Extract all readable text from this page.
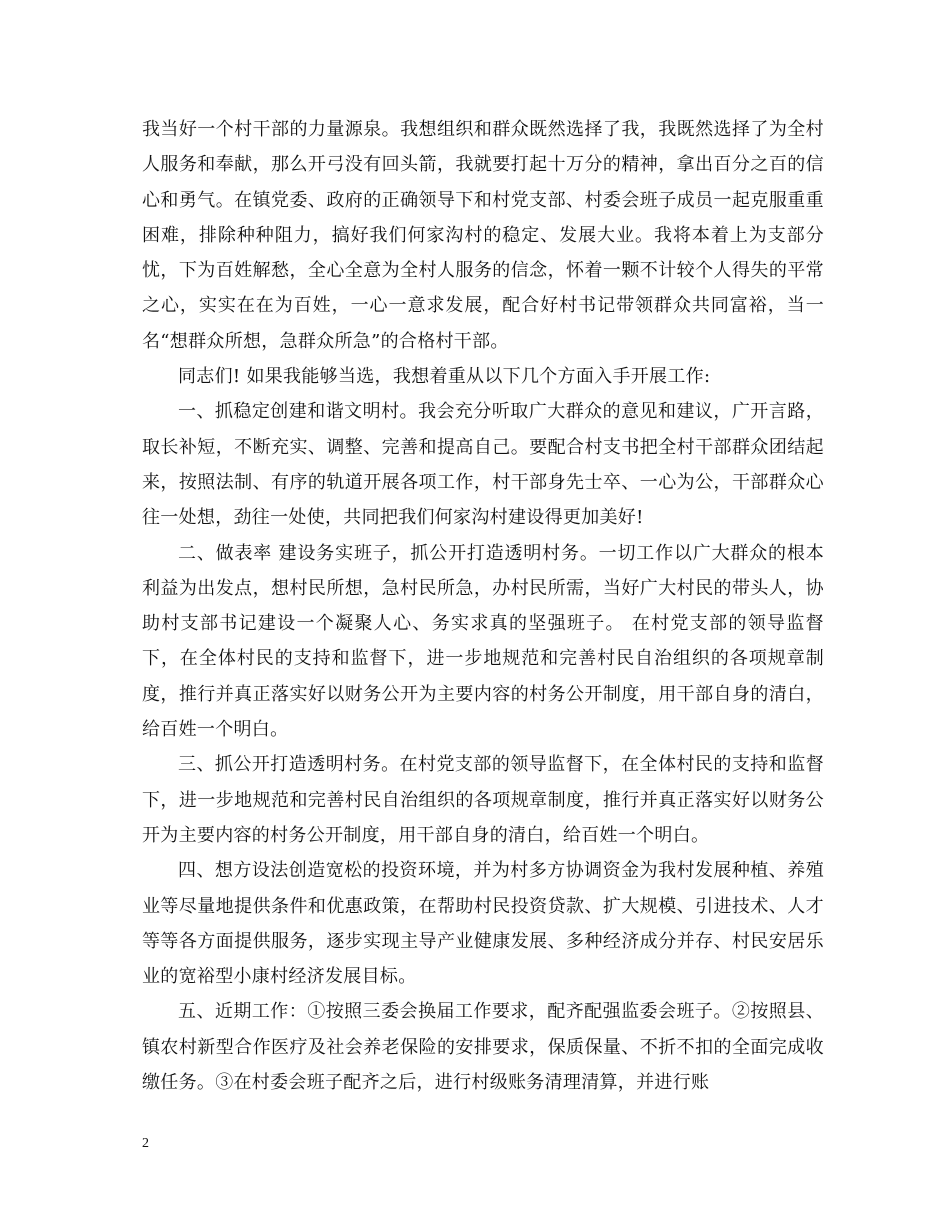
我当好一个村干部的力量源泉。我想组织和群众既然选择了我，我既然选择了为全村人服务和奉献，那么开弓没有回头箭，我就要打起十万分的精神，拿出百分之百的信心和勇气。在镇党委、政府的正确领导下和村党支部、村委会班子成员一起克服重重困难，排除种种阻力，搞好我们何家沟村的稳定、发展大业。我将本着上为支部分忧，下为百姓解愁，全心全意为全村人服务的信念，怀着一颗不计较个人得失的平常之心，实实在在为百姓，一心一意求发展，配合好村书记带领群众共同富裕，当一名“想群众所想，急群众所急”的合格村干部。

同志们! 如果我能够当选，我想着重从以下几个方面入手开展工作:

一、抓稳定创建和谐文明村。我会充分听取广大群众的意见和建议，广开言路，取长补短，不断充实、调整、完善和提高自己。要配合村支书把全村干部群众团结起来，按照法制、有序的轨道开展各项工作，村干部身先士卒、一心为公，干部群众心往一处想，劲往一处使，共同把我们何家沟村建设得更加美好!

二、做表率 建设务实班子，抓公开打造透明村务。一切工作以广大群众的根本利益为出发点，想村民所想，急村民所急，办村民所需，当好广大村民的带头人，协助村支部书记建设一个凝聚人心、务实求真的坚强班子。 在村党支部的领导监督下，在全体村民的支持和监督下，进一步地规范和完善村民自治组织的各项规章制度，推行并真正落实好以财务公开为主要内容的村务公开制度，用干部自身的清白，给百姓一个明白。

三、抓公开打造透明村务。在村党支部的领导监督下，在全体村民的支持和监督下，进一步地规范和完善村民自治组织的各项规章制度，推行并真正落实好以财务公开为主要内容的村务公开制度，用干部自身的清白，给百姓一个明白。

四、想方设法创造宽松的投资环境，并为村多方协调资金为我村发展种植、养殖业等尽量地提供条件和优惠政策，在帮助村民投资贷款、扩大规模、引进技术、人才等等各方面提供服务，逐步实现主导产业健康发展、多种经济成分并存、村民安居乐业的宽裕型小康村经济发展目标。

五、近期工作：①按照三委会换届工作要求，配齐配强监委会班子。②按照县、镇农村新型合作医疗及社会养老保险的安排要求，保质保量、不折不扣的全面完成收缴任务。③在村委会班子配齐之后，进行村级账务清理清算，并进行账

2
